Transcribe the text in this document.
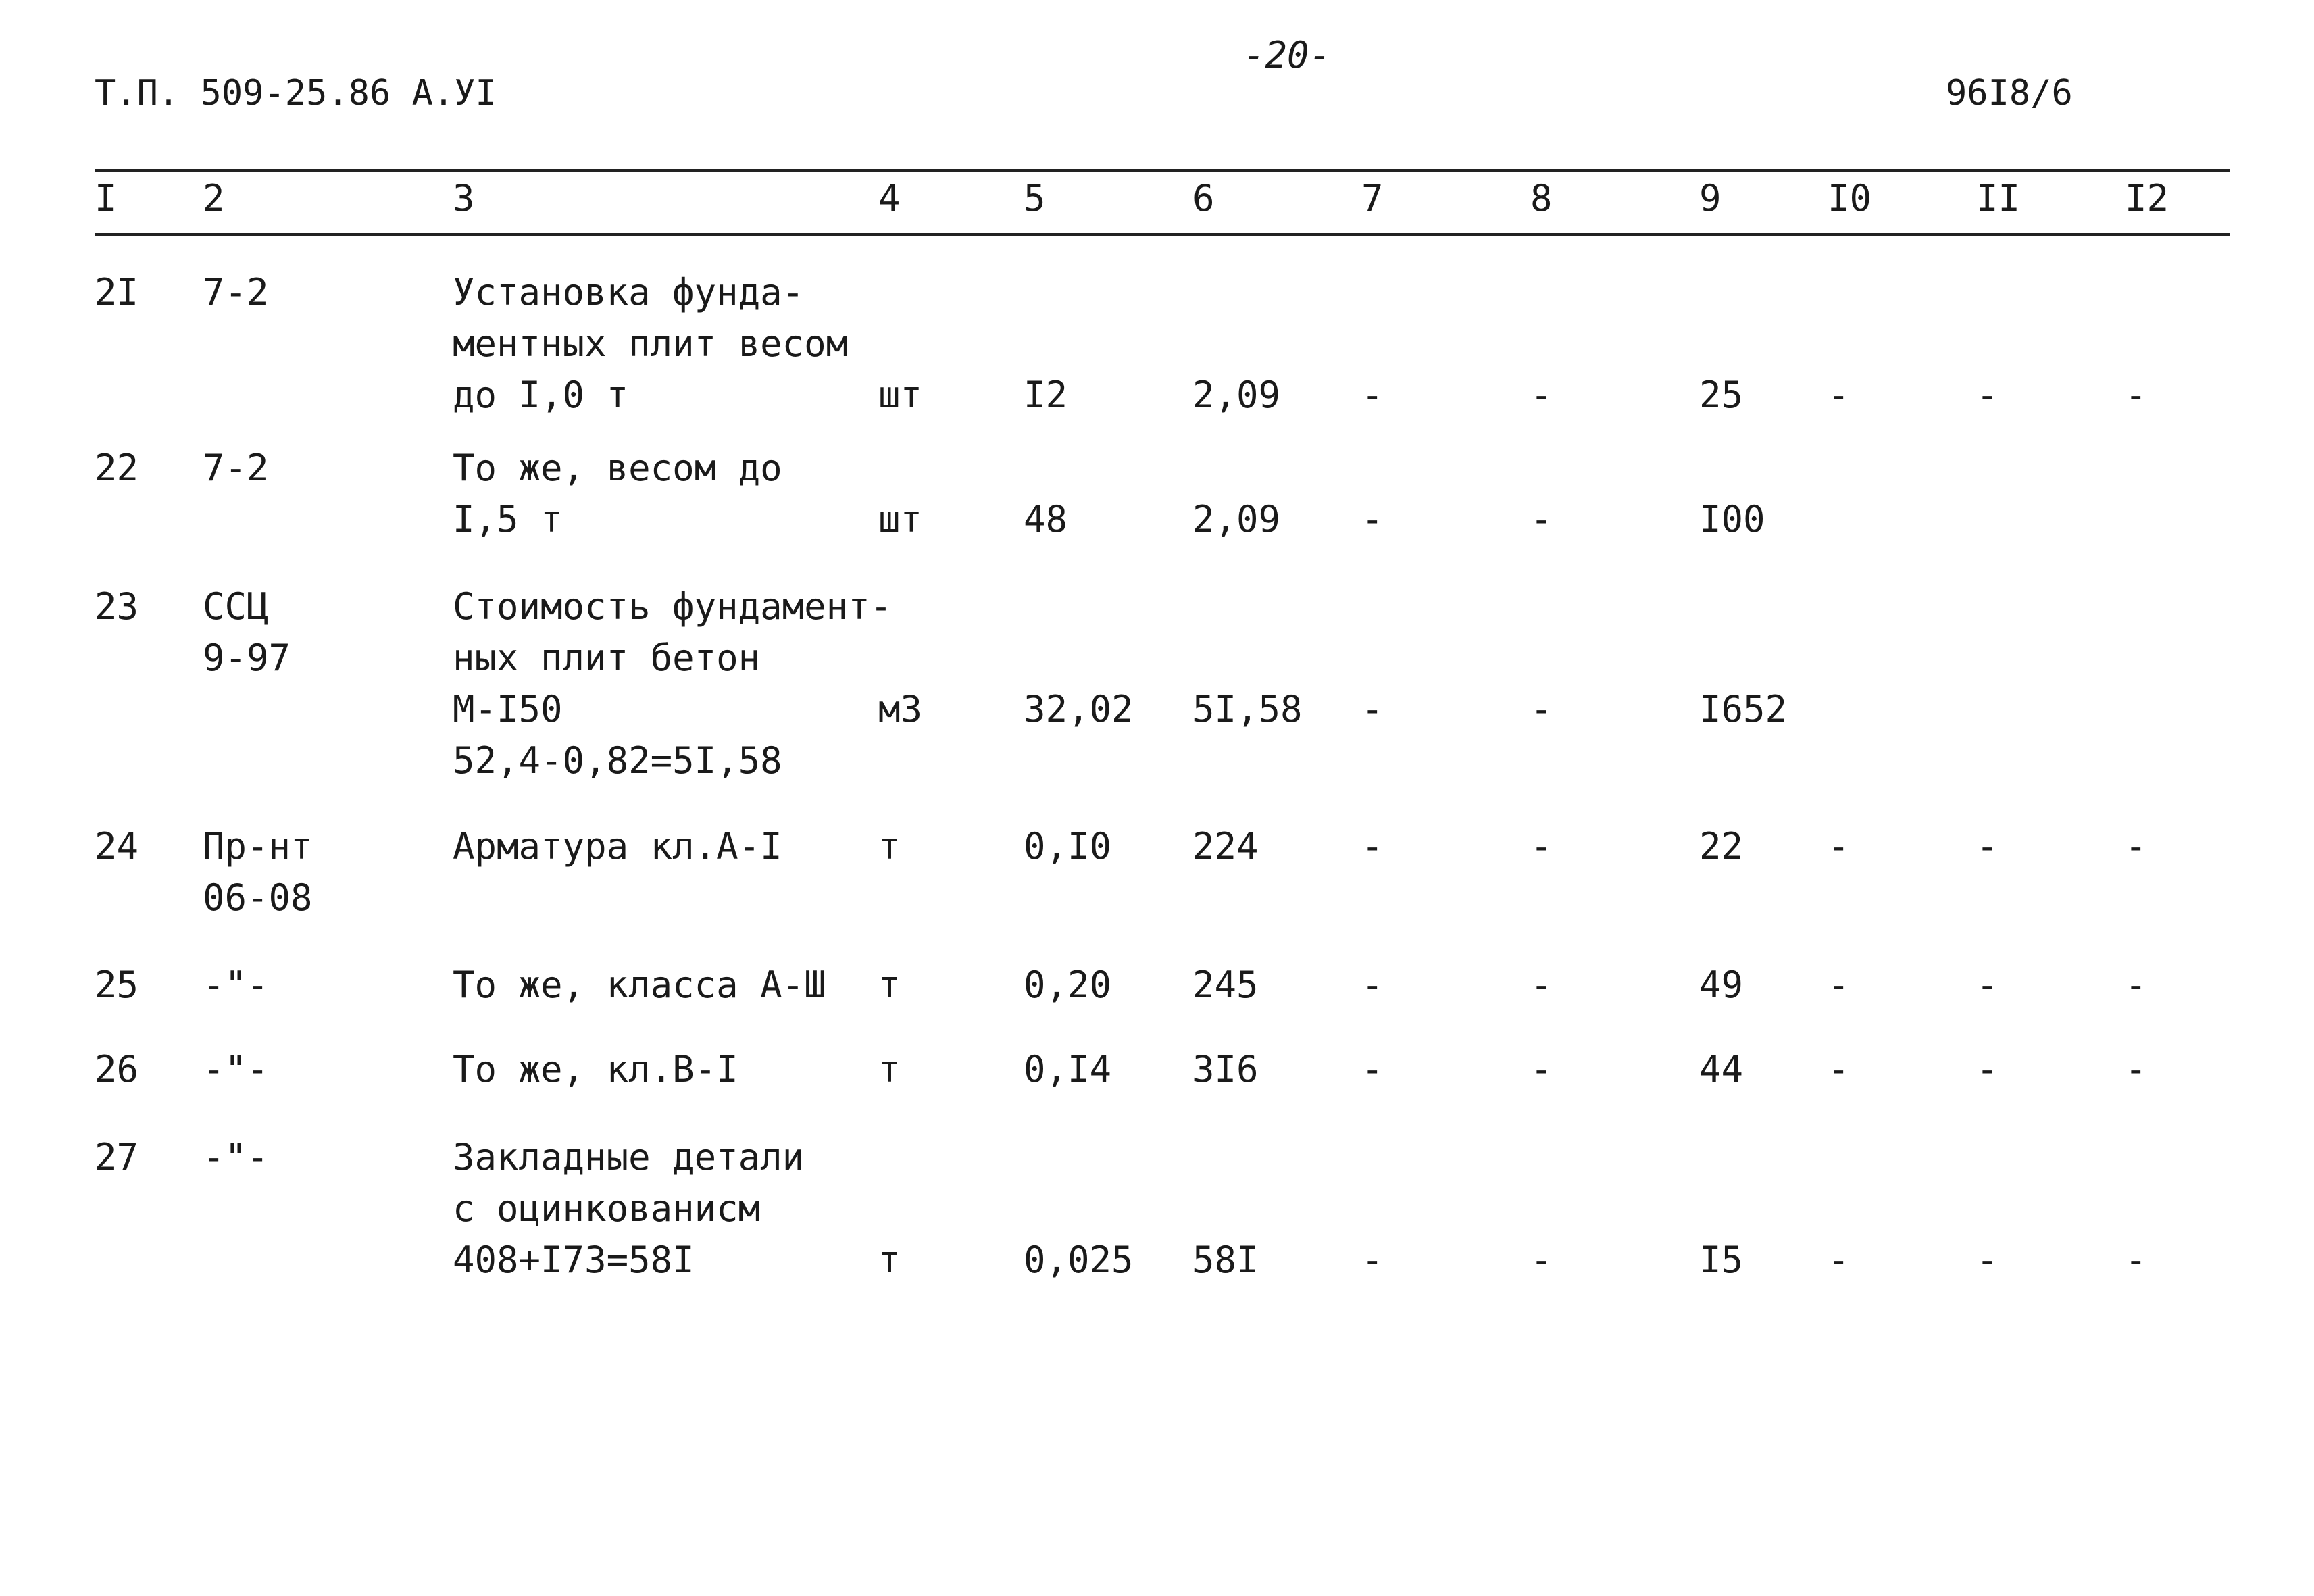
Т.П. 509-25.86 А.УI
-20-
96I8/6
I 2	3	4	5	6	7	8	9	I0	II	I2
2I 7-2	Установка фунда-
ментных плит весом
до I,0 т	шт	I2	2,09 -	-	25 -	-	-
22 7-2	То же, весом до
I,5 т	шт	48	2,09 -	-	I00
23 ССЦ
9-97
Стоимость фундамент-
ных плит бетон
М-I50
52,4-0,82=5I,58
м3	32,02 5I,58 -	-	I652
24 Пр-нт
06-08
Арматура кл.А-I	т	0,I0 224	-	-	22 -	-	-
25 -"-	То же, класса А-Ш т	0,20 245	-	-	49 -	-	-
26 -"-	То же, кл.В-I	т	0,I4 3I6	-	-	44 -	-	-
27 -"-	Закладные детали
с оцинкованисм
408+I73=58I	т	0,025 58I	-	-	I5 -	-	-
